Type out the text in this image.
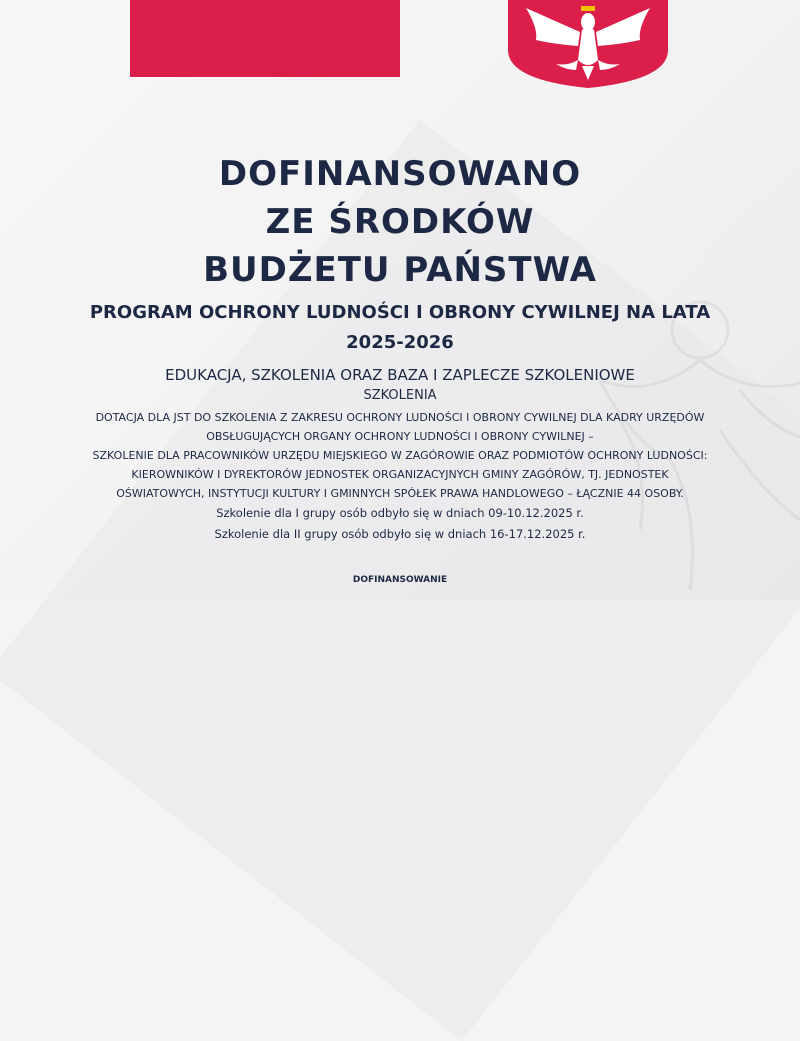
DOFINANSOWANO
ZE ŚRODKÓW
BUDŻETU PAŃSTWA
PROGRAM OCHRONY LUDNOŚCI I OBRONY CYWILNEJ NA LATA
2025-2026
EDUKACJA, SZKOLENIA ORAZ BAZA I ZAPLECZE SZKOLENIOWE
SZKOLENIA
DOTACJA DLA JST DO SZKOLENIA Z ZAKRESU OCHRONY LUDNOŚCI I OBRONY CYWILNEJ DLA KADRY URZĘDÓW
OBSŁUGUJĄCYCH ORGANY OCHRONY LUDNOŚCI I OBRONY CYWILNEJ –
SZKOLENIE DLA PRACOWNIKÓW URZĘDU MIEJSKIEGO W ZAGÓROWIE ORAZ PODMIOTÓW OCHRONY LUDNOŚCI:
KIEROWNIKÓW I DYREKTORÓW JEDNOSTEK ORGANIZACYJNYCH GMINY ZAGÓRÓW, TJ. JEDNOSTEK
OŚWIATOWYCH, INSTYTUCJI KULTURY I GMINNYCH SPÓŁEK PRAWA HANDLOWEGO – ŁĄCZNIE 44 OSOBY.
Szkolenie dla I grupy osób odbyło się w dniach 09-10.12.2025 r.
Szkolenie dla II grupy osób odbyło się w dniach 16-17.12.2025 r.
DOFINANSOWANIE
